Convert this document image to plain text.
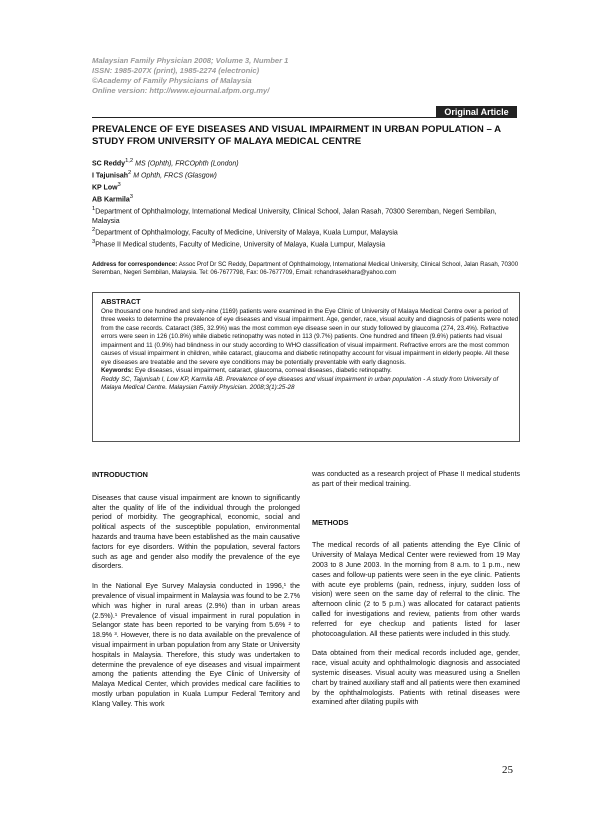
Malaysian Family Physician 2008; Volume 3, Number 1
ISSN: 1985-207X (print), 1985-2274 (electronic)
©Academy of Family Physicians of Malaysia
Online version: http://www.ejournal.afpm.org.my/
Original Article
PREVALENCE OF EYE DISEASES AND VISUAL IMPAIRMENT IN URBAN POPULATION – A STUDY FROM UNIVERSITY OF MALAYA MEDICAL CENTRE
SC Reddy$^{1,2}$ MS (Ophth), FRCOphth (London)
I Tajunisah$^2$ M Ophth, FRCS (Glasgow)
KP Low$^3$
AB Karmila$^3$
$^1$Department of Ophthalmology, International Medical University, Clinical School, Jalan Rasah, 70300 Seremban, Negeri Sembilan, Malaysia
$^2$Department of Ophthalmology, Faculty of Medicine, University of Malaya, Kuala Lumpur, Malaysia
$^3$Phase II Medical students, Faculty of Medicine, University of Malaya, Kuala Lumpur, Malaysia
Address for correspondence: Assoc Prof Dr SC Reddy, Department of Ophthalmology, International Medical University, Clinical School, Jalan Rasah, 70300 Seremban, Negeri Sembilan, Malaysia. Tel: 06-7677798, Fax: 06-7677709, Email: rchandrasekhara@yahoo.com
ABSTRACT
One thousand one hundred and sixty-nine (1169) patients were examined in the Eye Clinic of University of Malaya Medical Centre over a period of three weeks to determine the prevalence of eye diseases and visual impairment. Age, gender, race, visual acuity and diagnosis of patients were noted from the case records. Cataract (385, 32.9%) was the most common eye disease seen in our study followed by glaucoma (274, 23.4%). Refractive errors were seen in 126 (10.8%) while diabetic retinopathy was noted in 113 (9.7%) patients. One hundred and fifteen (9.6%) patients had visual impairment and 11 (0.9%) had blindness in our study according to WHO classification of visual impairment. Refractive errors are the most common causes of visual impairment in children, while cataract, glaucoma and diabetic retinopathy account for visual impairment in elderly people. All these eye diseases are treatable and the severe eye conditions may be potentially preventable with early diagnosis.
Keywords: Eye diseases, visual impairment, cataract, glaucoma, corneal diseases, diabetic retinopathy.
Reddy SC, Tajunisah I, Low KP, Karmila AB. Prevalence of eye diseases and visual impairment in urban population - A study from University of Malaya Medical Centre. Malaysian Family Physician. 2008;3(1):25-28
INTRODUCTION

Diseases that cause visual impairment are known to significantly alter the quality of life of the individual through the prolonged period of morbidity. The geographical, economic, social and political aspects of the susceptible population, environmental hazards and trauma have been established as the main causative factors for eye disorders. Within the population, several factors such as age and gender also modify the prevalence of the eye disorders.

In the National Eye Survey Malaysia conducted in 1996,¹ the prevalence of visual impairment in Malaysia was found to be 2.7% which was higher in rural areas (2.9%) than in urban areas (2.5%).¹ Prevalence of visual impairment in rural population in Selangor state has been reported to be varying from 5.6% ² to 18.9% ³. However, there is no data available on the prevalence of visual impairment in urban population from any State or University hospitals in Malaysia. Therefore, this study was undertaken to determine the prevalence of eye diseases and visual impairment among the patients attending the Eye Clinic of University of Malaya Medical Center, which provides medical care facilities to mostly urban population in Kuala Lumpur Federal Territory and Klang Valley. This work

was conducted as a research project of Phase II medical students as part of their medical training.

METHODS

The medical records of all patients attending the Eye Clinic of University of Malaya Medical Center were reviewed from 19 May 2003 to 8 June 2003. In the morning from 8 a.m. to 1 p.m., new cases and follow-up patients were seen in the eye clinic. Patients with acute eye problems (pain, redness, injury, sudden loss of vision) were seen on the same day of referral to the clinic. The afternoon clinic (2 to 5 p.m.) was allocated for cataract patients called for investigations and review, patients from other wards referred for eye checkup and patients listed for laser photocoagulation. All these patients were included in this study.

Data obtained from their medical records included age, gender, race, visual acuity and ophthalmologic diagnosis and associated systemic diseases. Visual acuity was measured using a Snellen chart by trained auxiliary staff and all patients were then examined by the ophthalmologists. Patients with retinal diseases were examined after dilating pupils with

25
